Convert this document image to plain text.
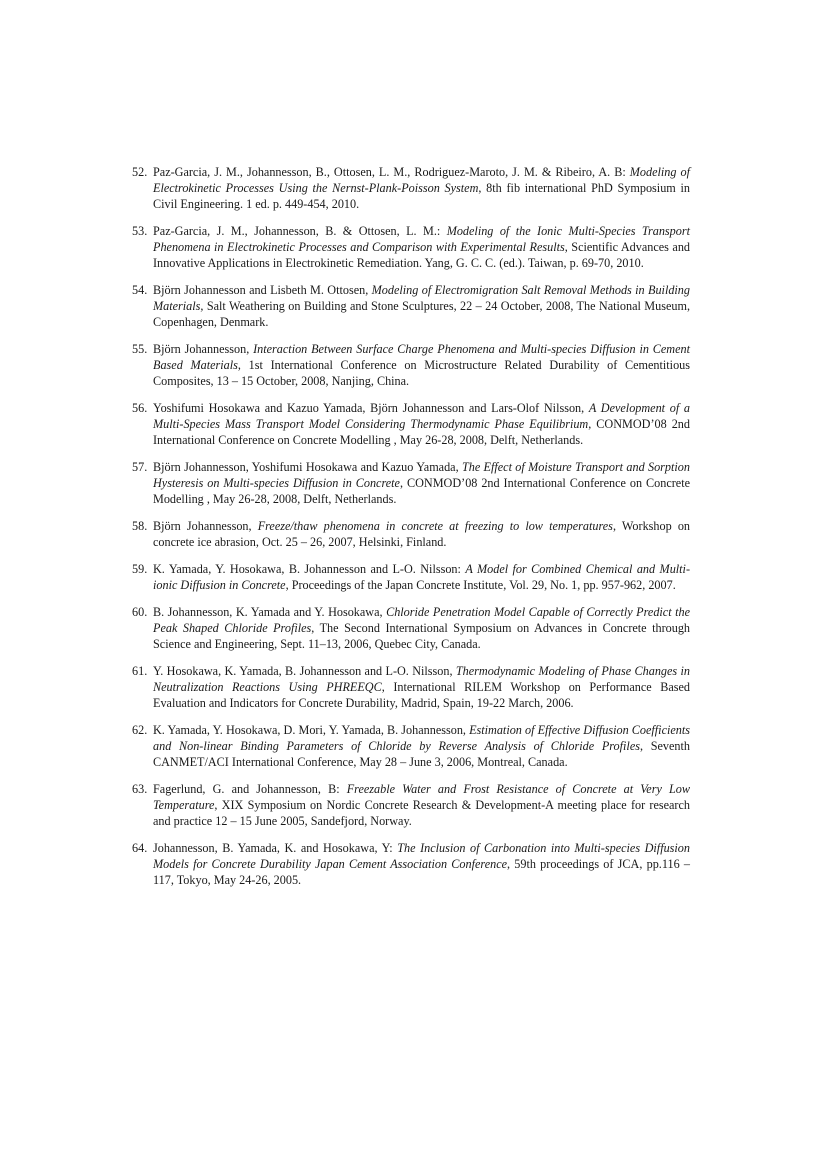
52. Paz-Garcia, J. M., Johannesson, B., Ottosen, L. M., Rodriguez-Maroto, J. M. & Ribeiro, A. B: Modeling of Electrokinetic Processes Using the Nernst-Plank-Poisson System, 8th fib international PhD Symposium in Civil Engineering. 1 ed. p. 449-454, 2010.
53. Paz-Garcia, J. M., Johannesson, B. & Ottosen, L. M.: Modeling of the Ionic Multi-Species Transport Phenomena in Electrokinetic Processes and Comparison with Experimental Results, Scientific Advances and Innovative Applications in Electrokinetic Remediation. Yang, G. C. C. (ed.). Taiwan, p. 69-70, 2010.
54. Björn Johannesson and Lisbeth M. Ottosen, Modeling of Electromigration Salt Removal Methods in Building Materials, Salt Weathering on Building and Stone Sculptures, 22 – 24 October, 2008, The National Museum, Copenhagen, Denmark.
55. Björn Johannesson, Interaction Between Surface Charge Phenomena and Multi-species Diffusion in Cement Based Materials, 1st International Conference on Microstructure Related Durability of Cementitious Composites, 13 – 15 October, 2008, Nanjing, China.
56. Yoshifumi Hosokawa and Kazuo Yamada, Björn Johannesson and Lars-Olof Nilsson, A Development of a Multi-Species Mass Transport Model Considering Thermodynamic Phase Equilibrium, CONMOD’08 2nd International Conference on Concrete Modelling , May 26-28, 2008, Delft, Netherlands.
57. Björn Johannesson, Yoshifumi Hosokawa and Kazuo Yamada, The Effect of Moisture Transport and Sorption Hysteresis on Multi-species Diffusion in Concrete, CONMOD’08 2nd International Conference on Concrete Modelling , May 26-28, 2008, Delft, Netherlands.
58. Björn Johannesson, Freeze/thaw phenomena in concrete at freezing to low temperatures, Workshop on concrete ice abrasion, Oct. 25 – 26, 2007, Helsinki, Finland.
59. K. Yamada, Y. Hosokawa, B. Johannesson and L-O. Nilsson: A Model for Combined Chemical and Multi-ionic Diffusion in Concrete, Proceedings of the Japan Concrete Institute, Vol. 29, No. 1, pp. 957-962, 2007.
60. B. Johannesson, K. Yamada and Y. Hosokawa, Chloride Penetration Model Capable of Correctly Predict the Peak Shaped Chloride Profiles, The Second International Symposium on Advances in Concrete through Science and Engineering, Sept. 11–13, 2006, Quebec City, Canada.
61. Y. Hosokawa, K. Yamada, B. Johannesson and L-O. Nilsson, Thermodynamic Modeling of Phase Changes in Neutralization Reactions Using PHREEQC, International RILEM Workshop on Performance Based Evaluation and Indicators for Concrete Durability, Madrid, Spain, 19-22 March, 2006.
62. K. Yamada, Y. Hosokawa, D. Mori, Y. Yamada, B. Johannesson, Estimation of Effective Diffusion Coefficients and Non-linear Binding Parameters of Chloride by Reverse Analysis of Chloride Profiles, Seventh CANMET/ACI International Conference, May 28 – June 3, 2006, Montreal, Canada.
63. Fagerlund, G. and Johannesson, B: Freezable Water and Frost Resistance of Concrete at Very Low Temperature, XIX Symposium on Nordic Concrete Research & Development-A meeting place for research and practice 12 – 15 June 2005, Sandefjord, Norway.
64. Johannesson, B. Yamada, K. and Hosokawa, Y: The Inclusion of Carbonation into Multi-species Diffusion Models for Concrete Durability Japan Cement Association Conference, 59th proceedings of JCA, pp.116 – 117, Tokyo, May 24-26, 2005.
